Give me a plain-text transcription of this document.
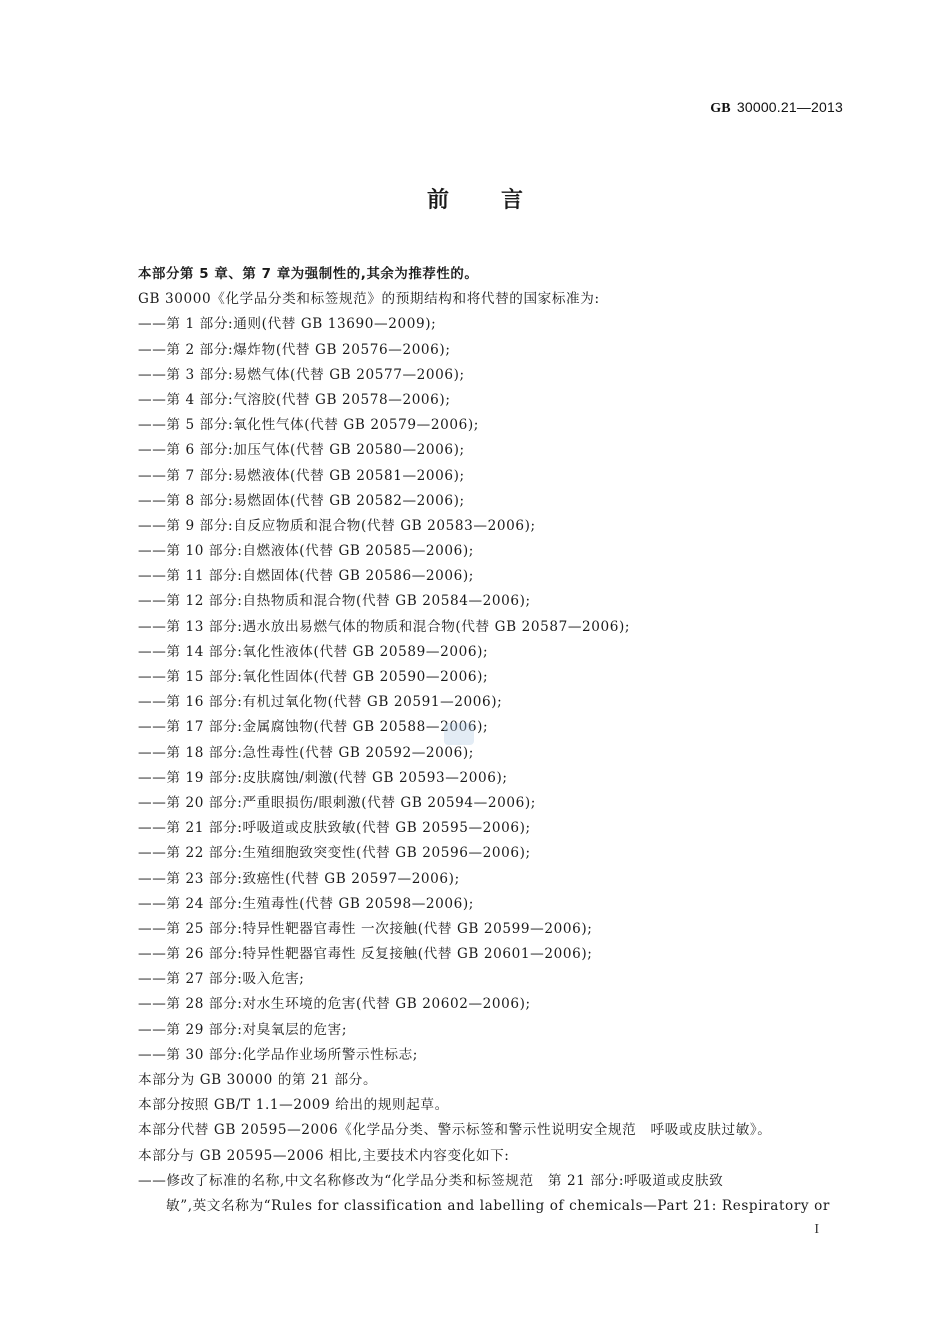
GB 30000.21—2013
前 言
本部分第 5 章、第 7 章为强制性的,其余为推荐性的。
GB 30000《化学品分类和标签规范》的预期结构和将代替的国家标准为:
——第 1 部分:通则(代替 GB 13690—2009);
——第 2 部分:爆炸物(代替 GB 20576—2006);
——第 3 部分:易燃气体(代替 GB 20577—2006);
——第 4 部分:气溶胶(代替 GB 20578—2006);
——第 5 部分:氧化性气体(代替 GB 20579—2006);
——第 6 部分:加压气体(代替 GB 20580—2006);
——第 7 部分:易燃液体(代替 GB 20581—2006);
——第 8 部分:易燃固体(代替 GB 20582—2006);
——第 9 部分:自反应物质和混合物(代替 GB 20583—2006);
——第 10 部分:自燃液体(代替 GB 20585—2006);
——第 11 部分:自燃固体(代替 GB 20586—2006);
——第 12 部分:自热物质和混合物(代替 GB 20584—2006);
——第 13 部分:遇水放出易燃气体的物质和混合物(代替 GB 20587—2006);
——第 14 部分:氧化性液体(代替 GB 20589—2006);
——第 15 部分:氧化性固体(代替 GB 20590—2006);
——第 16 部分:有机过氧化物(代替 GB 20591—2006);
——第 17 部分:金属腐蚀物(代替 GB 20588—2006);
——第 18 部分:急性毒性(代替 GB 20592—2006);
——第 19 部分:皮肤腐蚀/刺激(代替 GB 20593—2006);
——第 20 部分:严重眼损伤/眼刺激(代替 GB 20594—2006);
——第 21 部分:呼吸道或皮肤致敏(代替 GB 20595—2006);
——第 22 部分:生殖细胞致突变性(代替 GB 20596—2006);
——第 23 部分:致癌性(代替 GB 20597—2006);
——第 24 部分:生殖毒性(代替 GB 20598—2006);
——第 25 部分:特异性靶器官毒性 一次接触(代替 GB 20599—2006);
——第 26 部分:特异性靶器官毒性 反复接触(代替 GB 20601—2006);
——第 27 部分:吸入危害;
——第 28 部分:对水生环境的危害(代替 GB 20602—2006);
——第 29 部分:对臭氧层的危害;
——第 30 部分:化学品作业场所警示性标志;
本部分为 GB 30000 的第 21 部分。
本部分按照 GB/T 1.1—2009 给出的规则起草。
本部分代替 GB 20595—2006《化学品分类、警示标签和警示性说明安全规范　呼吸或皮肤过敏》。
本部分与 GB 20595—2006 相比,主要技术内容变化如下:
——修改了标准的名称,中文名称修改为“化学品分类和标签规范　第 21 部分:呼吸道或皮肤致
敏”,英文名称为“Rules for classification and labelling of chemicals—Part 21: Respiratory or
I
